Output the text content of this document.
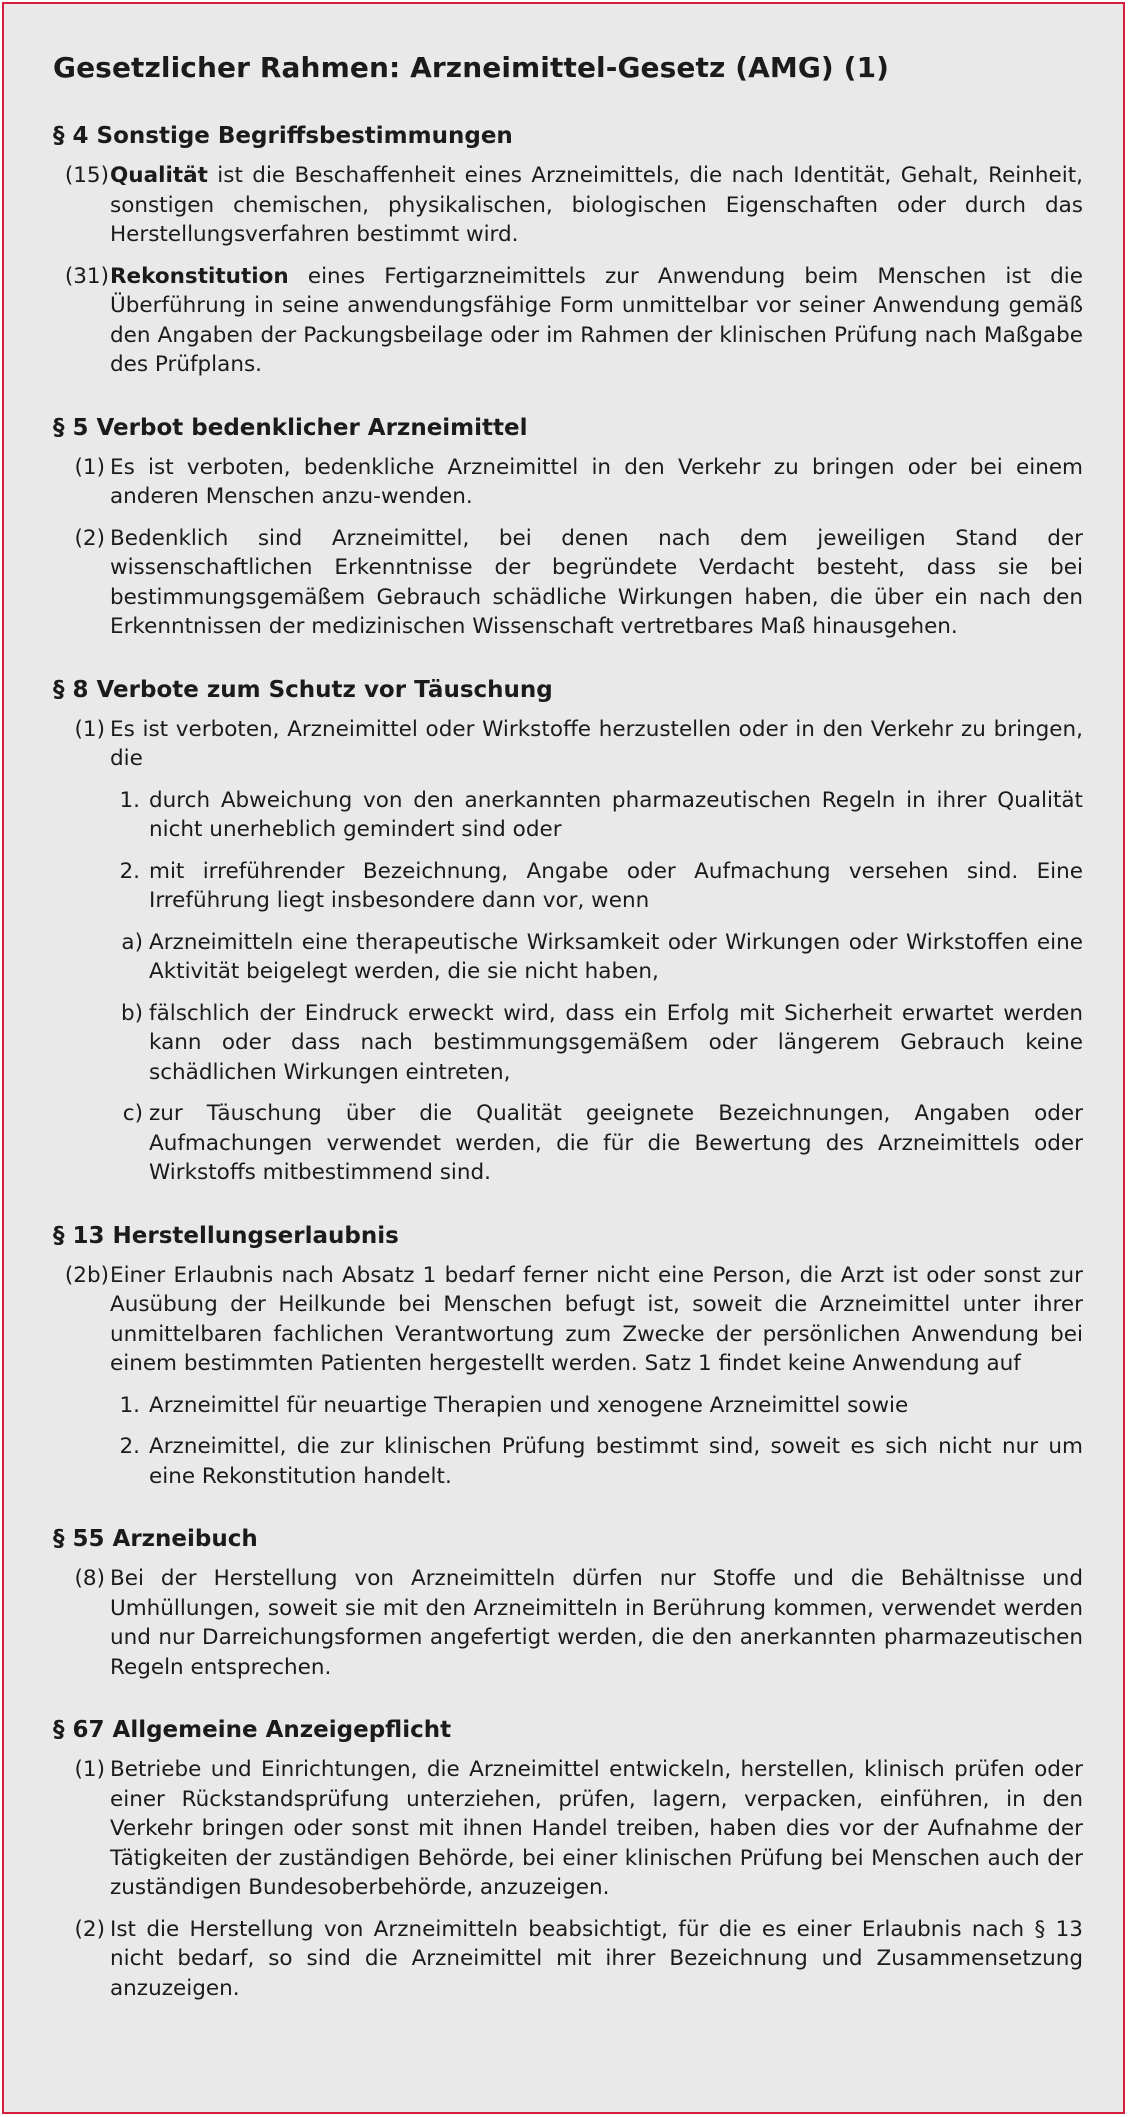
Gesetzlicher Rahmen: Arzneimittel-Gesetz (AMG) (1)
§ 4 Sonstige Begriffsbestimmungen
(15) Qualität ist die Beschaffenheit eines Arzneimittels, die nach Identität, Gehalt, Reinheit, sonstigen chemischen, physikalischen, biologischen Eigenschaften oder durch das Herstellungsverfahren bestimmt wird.
(31) Rekonstitution eines Fertigarzneimittels zur Anwendung beim Menschen ist die Überführung in seine anwendungsfähige Form unmittelbar vor seiner Anwendung gemäß den Angaben der Packungsbeilage oder im Rahmen der klinischen Prüfung nach Maßgabe des Prüfplans.
§ 5 Verbot bedenklicher Arzneimittel
(1) Es ist verboten, bedenkliche Arzneimittel in den Verkehr zu bringen oder bei einem anderen Menschen anzu-wenden.
(2) Bedenklich sind Arzneimittel, bei denen nach dem jeweiligen Stand der wissenschaftlichen Erkenntnisse der begründete Verdacht besteht, dass sie bei bestimmungsgemäßem Gebrauch schädliche Wirkungen haben, die über ein nach den Erkenntnissen der medizinischen Wissenschaft vertretbares Maß hinausgehen.
§ 8 Verbote zum Schutz vor Täuschung
(1) Es ist verboten, Arzneimittel oder Wirkstoffe herzustellen oder in den Verkehr zu bringen, die
1. durch Abweichung von den anerkannten pharmazeutischen Regeln in ihrer Qualität nicht unerheblich gemindert sind oder
2. mit irreführender Bezeichnung, Angabe oder Aufmachung versehen sind. Eine Irreführung liegt insbesondere dann vor, wenn
a) Arzneimitteln eine therapeutische Wirksamkeit oder Wirkungen oder Wirkstoffen eine Aktivität beigelegt werden, die sie nicht haben,
b) fälschlich der Eindruck erweckt wird, dass ein Erfolg mit Sicherheit erwartet werden kann oder dass nach bestimmungsgemäßem oder längerem Gebrauch keine schädlichen Wirkungen eintreten,
c) zur Täuschung über die Qualität geeignete Bezeichnungen, Angaben oder Aufmachungen verwendet werden, die für die Bewertung des Arzneimittels oder Wirkstoffs mitbestimmend sind.
§ 13 Herstellungserlaubnis
(2b) Einer Erlaubnis nach Absatz 1 bedarf ferner nicht eine Person, die Arzt ist oder sonst zur Ausübung der Heilkunde bei Menschen befugt ist, soweit die Arzneimittel unter ihrer unmittelbaren fachlichen Verantwortung zum Zwecke der persönlichen Anwendung bei einem bestimmten Patienten hergestellt werden. Satz 1 findet keine Anwendung auf
1. Arzneimittel für neuartige Therapien und xenogene Arzneimittel sowie
2. Arzneimittel, die zur klinischen Prüfung bestimmt sind, soweit es sich nicht nur um eine Rekonstitution handelt.
§ 55 Arzneibuch
(8) Bei der Herstellung von Arzneimitteln dürfen nur Stoffe und die Behältnisse und Umhüllungen, soweit sie mit den Arzneimitteln in Berührung kommen, verwendet werden und nur Darreichungsformen angefertigt werden, die den anerkannten pharmazeutischen Regeln entsprechen.
§ 67 Allgemeine Anzeigepflicht
(1) Betriebe und Einrichtungen, die Arzneimittel entwickeln, herstellen, klinisch prüfen oder einer Rückstandsprüfung unterziehen, prüfen, lagern, verpacken, einführen, in den Verkehr bringen oder sonst mit ihnen Handel treiben, haben dies vor der Aufnahme der Tätigkeiten der zuständigen Behörde, bei einer klinischen Prüfung bei Menschen auch der zuständigen Bundesoberbehörde, anzuzeigen.
(2) Ist die Herstellung von Arzneimitteln beabsichtigt, für die es einer Erlaubnis nach § 13 nicht bedarf, so sind die Arzneimittel mit ihrer Bezeichnung und Zusammensetzung anzuzeigen.
